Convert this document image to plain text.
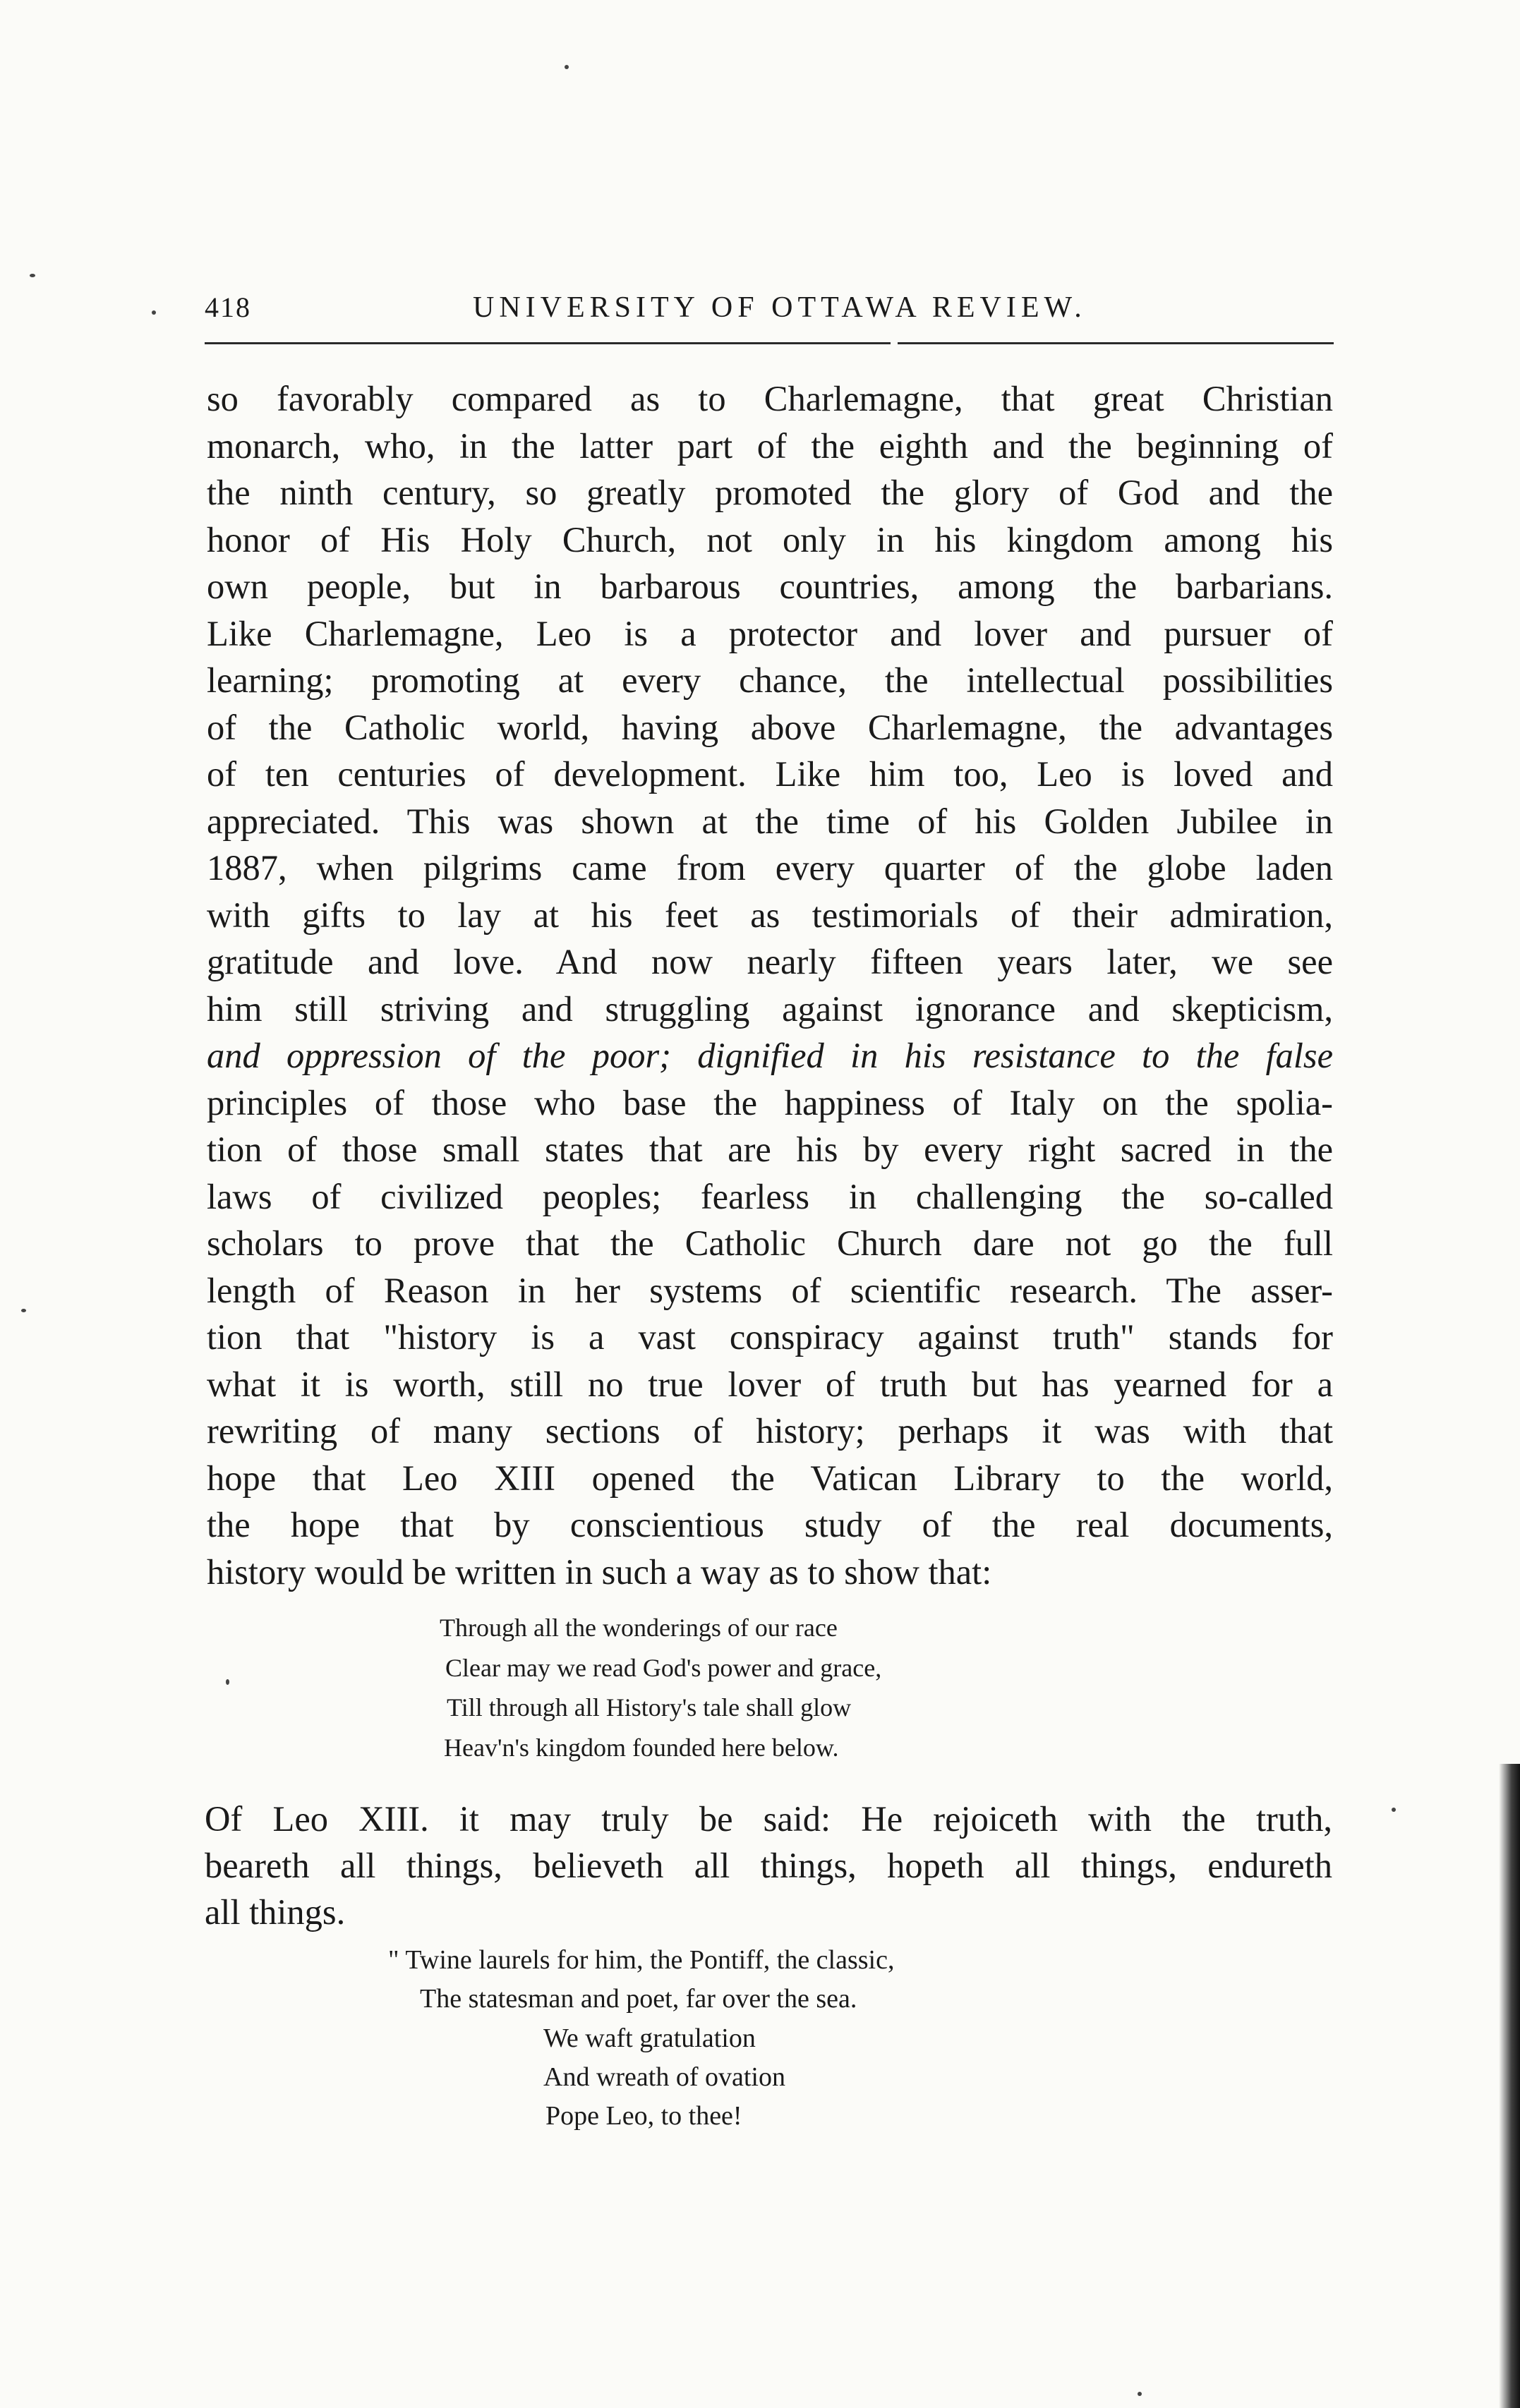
418	UNIVERSITY OF OTTAWA REVIEW.
so favorably compared as to Charlemagne, that great Christian
monarch, who, in the latter part of the eighth and the beginning of
the ninth century, so greatly promoted the glory of God and the
honor of His Holy Church, not only in his kingdom among his
own people, but in barbarous countries, among the barbarians.
Like Charlemagne, Leo is a protector and lover and pursuer of
learning; promoting at every chance, the intellectual possibilities
of the Catholic world, having above Charlemagne, the advantages
of ten centuries of development. Like him too, Leo is loved and
appreciated. This was shown at the time of his Golden Jubilee in
1887, when pilgrims came from every quarter of the globe laden
with gifts to lay at his feet as testimorials of their admiration,
gratitude and love. And now nearly fifteen years later, we see
him still striving and struggling against ignorance and skepticism,
and oppression of the poor; dignified in his resistance to the false
principles of those who base the happiness of Italy on the spolia-
tion of those small states that are his by every right sacred in the
laws of civilized peoples; fearless in challenging the so-called
scholars to prove that the Catholic Church dare not go the full
length of Reason in her systems of scientific research. The asser-
tion that "history is a vast conspiracy against truth" stands for
what it is worth, still no true lover of truth but has yearned for a
rewriting of many sections of history; perhaps it was with that
hope that Leo XIII opened the Vatican Library to the world,
the hope that by conscientious study of the real documents,
history would be written in such a way as to show that:
Through all the wonderings of our race
Clear may we read God's power and grace,
Till through all History's tale shall glow
Heav'n's kingdom founded here below.
Of Leo XIII. it may truly be said: He rejoiceth with the truth,
beareth all things, believeth all things, hopeth all things, endureth
all things.
" Twine laurels for him, the Pontiff, the classic,
The statesman and poet, far over the sea.
We waft gratulation
And wreath of ovation
Pope Leo, to thee!
